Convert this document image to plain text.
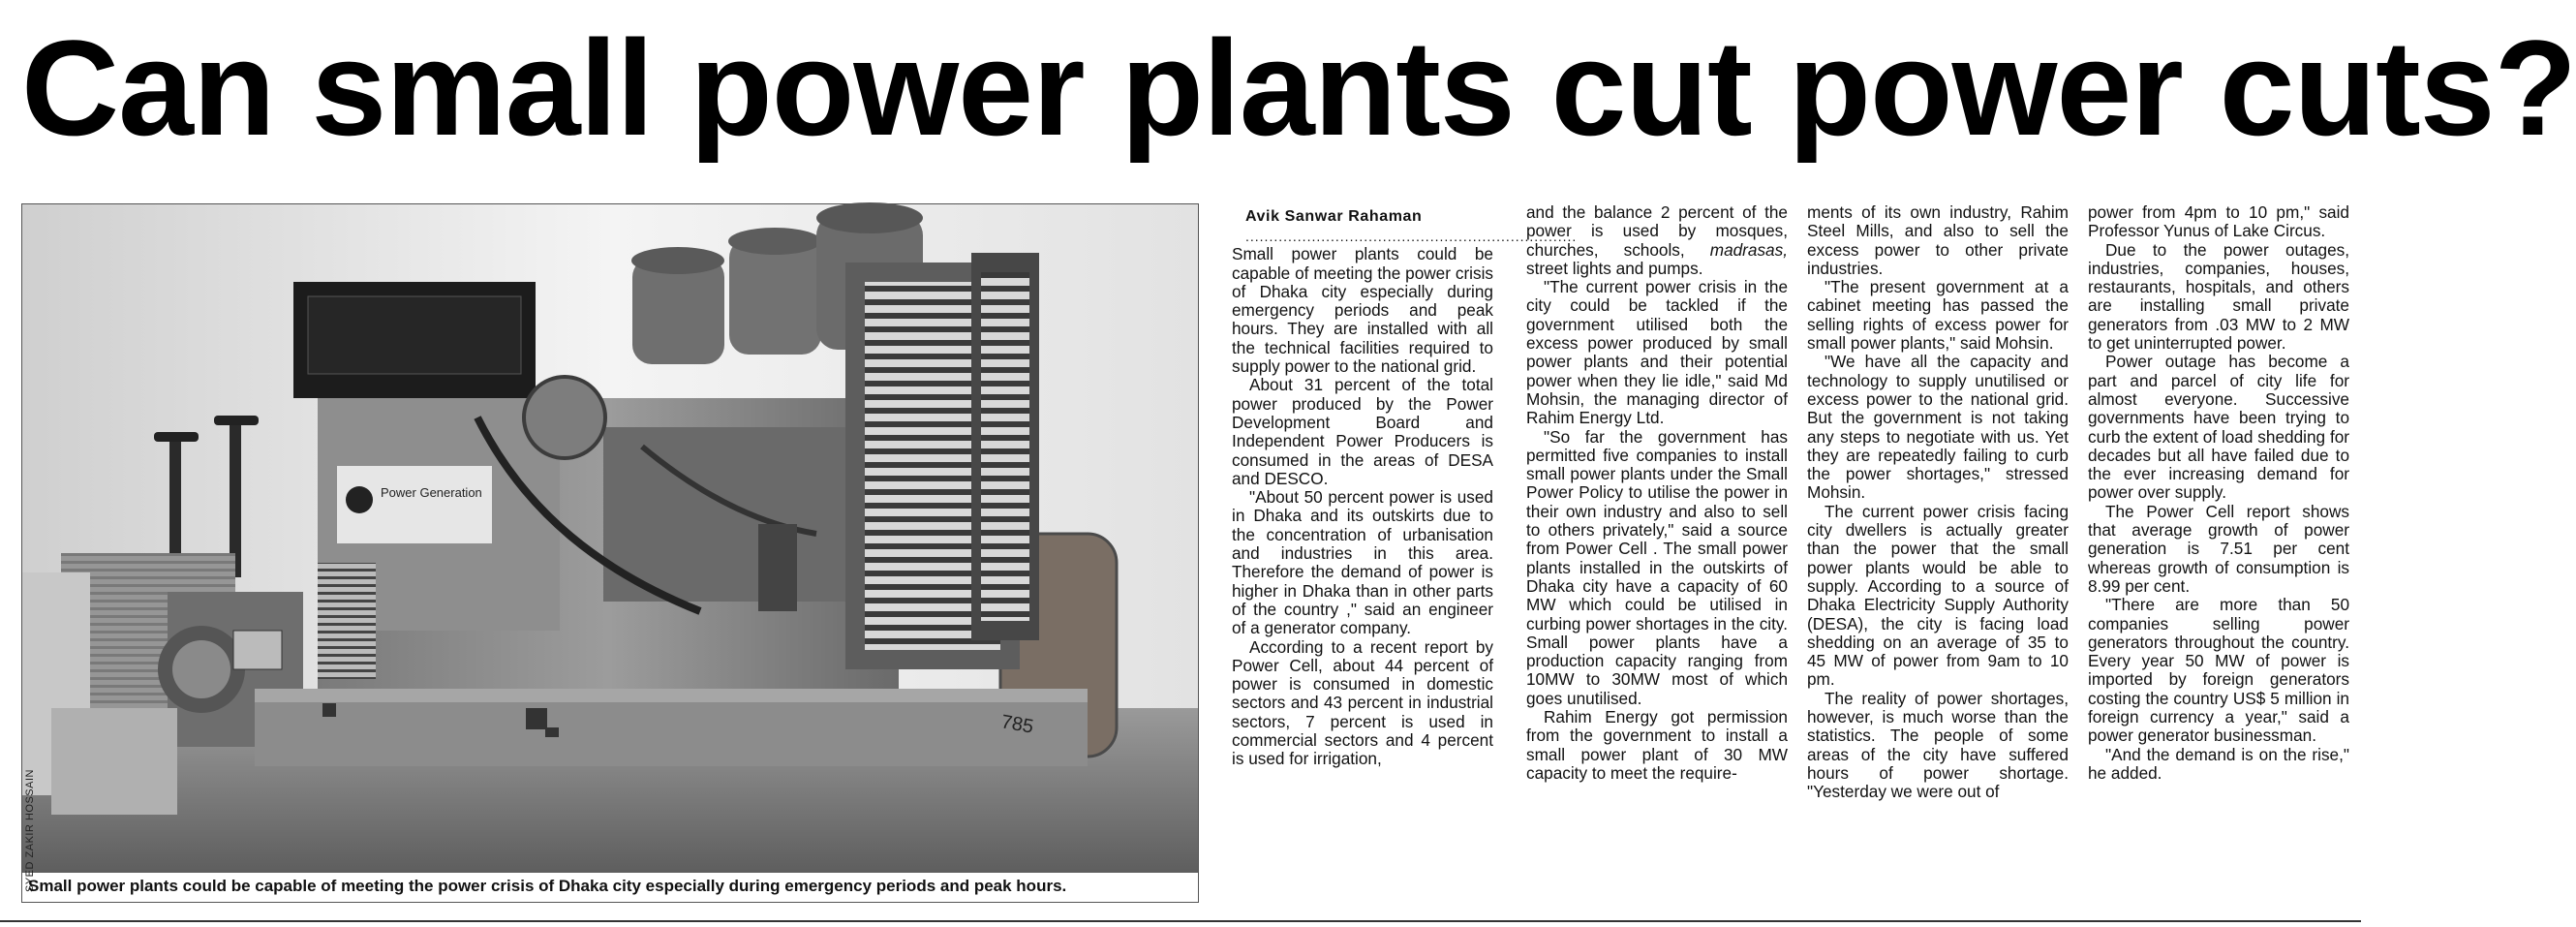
Can small power plants cut power cuts?
Power Generation
785
SYED ZAKIR HOSSAIN
Small power plants could be capable of meeting the power crisis of Dhaka city especially during emergency periods and peak hours.
Avik Sanwar Rahaman
......................................................................

Small power plants could be capable of meeting the power crisis of Dhaka city especially during emergency periods and peak hours. They are installed with all the technical facilities required to supply power to the national grid.

About 31 percent of the total power produced by the Power Development Board and Independent Power Producers is consumed in the areas of DESA and DESCO.

"About 50 percent power is used in Dhaka and its outskirts due to the concentration of urbanisation and industries in this area. Therefore the demand of power is higher in Dhaka than in other parts of the country ," said an engineer of a generator company.

According to a recent report by Power Cell, about 44 percent of power is consumed in domestic sectors and 43 percent in industrial sectors, 7 percent is used in commercial sectors and 4 percent is used for irrigation,

and the balance 2 percent of the power is used by mosques, churches, schools, madrasas, street lights and pumps.

"The current power crisis in the city could be tackled if the government utilised both the excess power produced by small power plants and their potential power when they lie idle," said Md Mohsin, the managing director of Rahim Energy Ltd.

"So far the government has permitted five companies to install small power plants under the Small Power Policy to utilise the power in their own industry and also to sell to others privately," said a source from Power Cell . The small power plants installed in the outskirts of Dhaka city have a capacity of 60 MW which could be utilised in curbing power shortages in the city. Small power plants have a production capacity ranging from 10MW to 30MW most of which goes unutilised.

Rahim Energy got permission from the government to install a small power plant of 30 MW capacity to meet the require-

ments of its own industry, Rahim Steel Mills, and also to sell the excess power to other private industries.

"The present government at a cabinet meeting has passed the selling rights of excess power for small power plants," said Mohsin.

"We have all the capacity and technology to supply unutilised or excess power to the national grid. But the government is not taking any steps to negotiate with us. Yet they are repeatedly failing to curb the power shortages," stressed Mohsin.

The current power crisis facing city dwellers is actually greater than the power that the small power plants would be able to supply. According to a source of Dhaka Electricity Supply Authority (DESA), the city is facing load shedding on an average of 35 to 45 MW of power from 9am to 10 pm.

The reality of power shortages, however, is much worse than the statistics. The people of some areas of the city have suffered hours of power shortage. "Yesterday we were out of

power from 4pm to 10 pm," said Professor Yunus of Lake Circus.

Due to the power outages, industries, companies, houses, restaurants, hospitals, and others are installing small private generators from .03 MW to 2 MW to get uninterrupted power.

Power outage has become a part and parcel of city life for almost everyone. Successive governments have been trying to curb the extent of load shedding for decades but all have failed due to the ever increasing demand for power over supply.

The Power Cell report shows that average growth of power generation is 7.51 per cent whereas growth of consumption is 8.99 per cent.

"There are more than 50 companies selling power generators throughout the country. Every year 50 MW of power is imported by foreign generators costing the country US$ 5 million in foreign currency a year," said a power generator businessman.

"And the demand is on the rise," he added.
